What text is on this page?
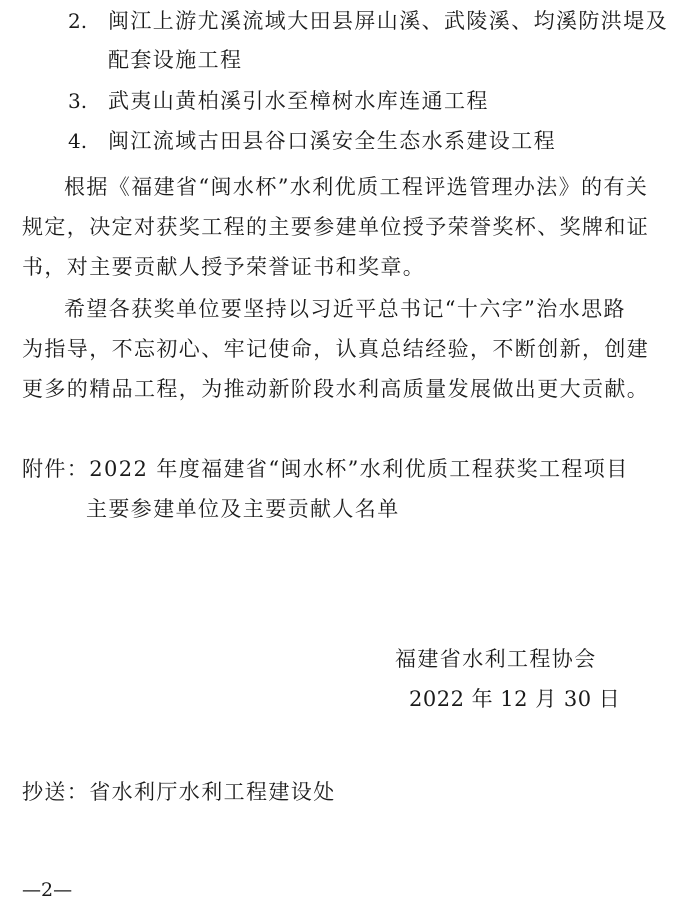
2. 闽江上游尤溪流域大田县屏山溪、武陵溪、均溪防洪堤及
配套设施工程
3. 武夷山黄柏溪引水至樟树水库连通工程
4. 闽江流域古田县谷口溪安全生态水系建设工程
根据《福建省“闽水杯”水利优质工程评选管理办法》的有关
规定，决定对获奖工程的主要参建单位授予荣誉奖杯、奖牌和证
书，对主要贡献人授予荣誉证书和奖章。
希望各获奖单位要坚持以习近平总书记“十六字”治水思路
为指导，不忘初心、牢记使命，认真总结经验，不断创新，创建
更多的精品工程，为推动新阶段水利高质量发展做出更大贡献。
附件：2022 年度福建省“闽水杯”水利优质工程获奖工程项目
主要参建单位及主要贡献人名单
福建省水利工程协会
2022 年 12 月 30 日
抄送：省水利厅水利工程建设处
—2—
